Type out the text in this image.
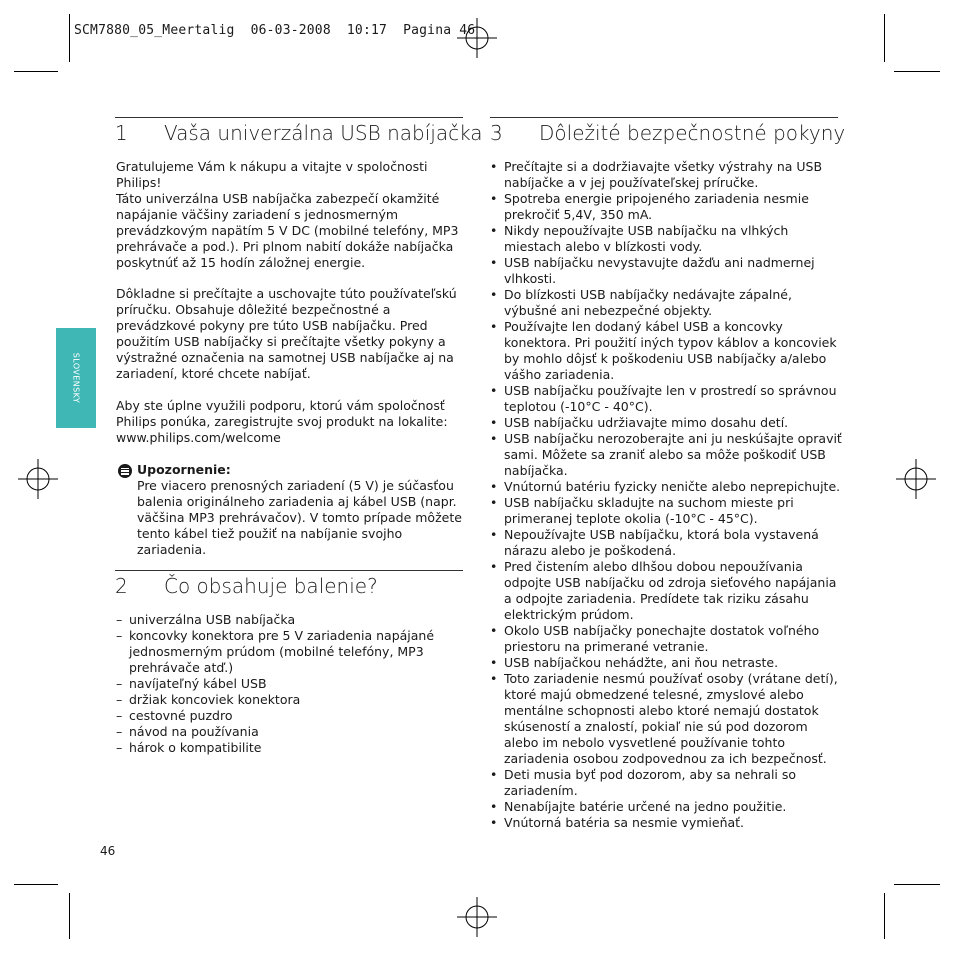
SCM7880_05_Meertalig  06-03-2008  10:17  Pagina 46
SLOVENSKY
1 Vaša univerzálna USB nabíjačka

Gratulujeme Vám k nákupu a vitajte v spoločnosti Philips!

Táto univerzálna USB nabíjačka zabezpečí okamžité napájanie väčšiny zariadení s jednosmerným prevádzkovým napätím 5 V DC (mobilné telefóny, MP3 prehrávače a pod.). Pri plnom nabití dokáže nabíjačka poskytnúť až 15 hodín záložnej energie.

Dôkladne si prečítajte a uschovajte túto používateľskú príručku. Obsahuje dôležité bezpečnostné a prevádzkové pokyny pre túto USB nabíjačku. Pred použitím USB nabíjačky si prečítajte všetky pokyny a výstražné označenia na samotnej USB nabíjačke aj na zariadení, ktoré chcete nabíjať.

Aby ste úplne využili podporu, ktorú vám spoločnosť Philips ponúka, zaregistrujte svoj produkt na lokalite: www.philips.com/welcome

Upozornenie:
Pre viacero prenosných zariadení (5 V) je súčasťou balenia originálneho zariadenia aj kábel USB (napr. väčšina MP3 prehrávačov). V tomto prípade môžete tento kábel tiež použiť na nabíjanie svojho zariadenia.
2 Čo obsahuje balenie?
– univerzálna USB nabíjačka
– koncovky konektora pre 5 V zariadenia napájané jednosmerným prúdom (mobilné telefóny, MP3 prehrávače atď.)
– navíjateľný kábel USB
– držiak koncoviek konektora
– cestovné puzdro
– návod na používania
– hárok o kompatibilite
3 Dôležité bezpečnostné pokyny
• Prečítajte si a dodržiavajte všetky výstrahy na USB nabíjačke a v jej používateľskej príručke.
• Spotreba energie pripojeného zariadenia nesmie prekročiť 5,4V, 350 mA.
• Nikdy nepoužívajte USB nabíjačku na vlhkých miestach alebo v blízkosti vody.
• USB nabíjačku nevystavujte dažďu ani nadmernej vlhkosti.
• Do blízkosti USB nabíjačky nedávajte zápalné, výbušné ani nebezpečné objekty.
• Používajte len dodaný kábel USB a koncovky konektora. Pri použití iných typov káblov a koncoviek by mohlo dôjsť k poškodeniu USB nabíjačky a/alebo vášho zariadenia.
• USB nabíjačku používajte len v prostredí so správnou teplotou (-10°C - 40°C).
• USB nabíjačku udržiavajte mimo dosahu detí.
• USB nabíjačku nerozoberajte ani ju neskúšajte opraviť sami. Môžete sa zraniť alebo sa môže poškodiť USB nabíjačka.
• Vnútornú batériu fyzicky neničte alebo neprepichujte.
• USB nabíjačku skladujte na suchom mieste pri primeranej teplote okolia (-10°C - 45°C).
• Nepoužívajte USB nabíjačku, ktorá bola vystavená nárazu alebo je poškodená.
• Pred čistením alebo dlhšou dobou nepoužívania odpojte USB nabíjačku od zdroja sieťového napájania a odpojte zariadenia. Predídete tak riziku zásahu elektrickým prúdom.
• Okolo USB nabíjačky ponechajte dostatok voľného priestoru na primerané vetranie.
• USB nabíjačkou nehádžte, ani ňou netraste.
• Toto zariadenie nesmú používať osoby (vrátane detí), ktoré majú obmedzené telesné, zmyslové alebo mentálne schopnosti alebo ktoré nemajú dostatok skúseností a znalostí, pokiaľ nie sú pod dozorom alebo im nebolo vysvetlené používanie tohto zariadenia osobou zodpovednou za ich bezpečnosť.
• Deti musia byť pod dozorom, aby sa nehrali so zariadením.
• Nenabíjajte batérie určené na jedno použitie.
• Vnútorná batéria sa nesmie vymieňať.
46
